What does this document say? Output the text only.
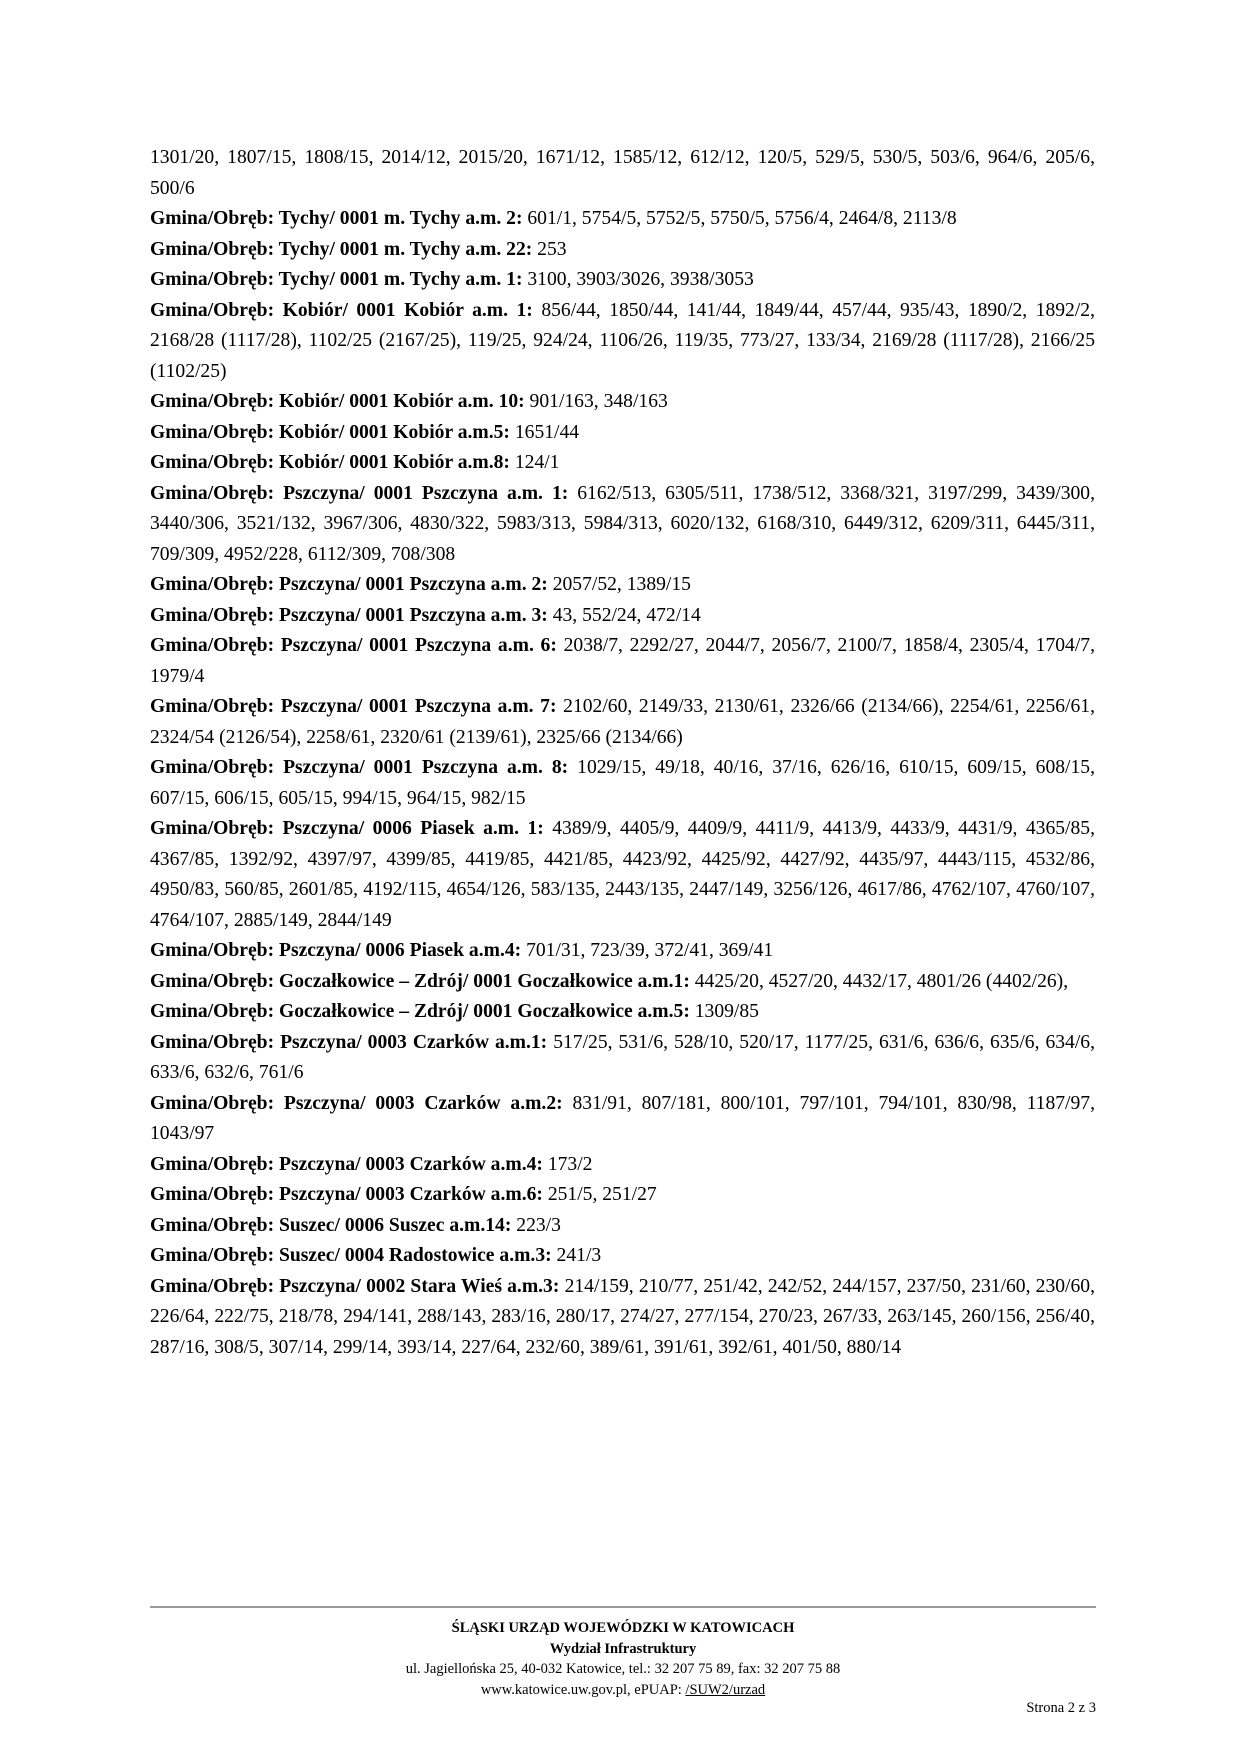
1301/20, 1807/15, 1808/15, 2014/12, 2015/20, 1671/12, 1585/12, 612/12, 120/5, 529/5, 530/5, 503/6, 964/6, 205/6, 500/6

Gmina/Obręb: Tychy/ 0001 m. Tychy a.m. 2: 601/1, 5754/5, 5752/5, 5750/5, 5756/4, 2464/8, 2113/8

Gmina/Obręb: Tychy/ 0001 m. Tychy a.m. 22: 253

Gmina/Obręb: Tychy/ 0001 m. Tychy a.m. 1: 3100, 3903/3026, 3938/3053

Gmina/Obręb: Kobiór/ 0001 Kobiór a.m. 1: 856/44, 1850/44, 141/44, 1849/44, 457/44, 935/43, 1890/2, 1892/2, 2168/28 (1117/28), 1102/25 (2167/25), 119/25, 924/24, 1106/26, 119/35, 773/27, 133/34, 2169/28 (1117/28), 2166/25 (1102/25)

Gmina/Obręb: Kobiór/ 0001 Kobiór a.m. 10: 901/163, 348/163

Gmina/Obręb: Kobiór/ 0001 Kobiór a.m.5: 1651/44

Gmina/Obręb: Kobiór/ 0001 Kobiór a.m.8: 124/1

Gmina/Obręb: Pszczyna/ 0001 Pszczyna a.m. 1: 6162/513, 6305/511, 1738/512, 3368/321, 3197/299, 3439/300, 3440/306, 3521/132, 3967/306, 4830/322, 5983/313, 5984/313, 6020/132, 6168/310, 6449/312, 6209/311, 6445/311, 709/309, 4952/228, 6112/309, 708/308

Gmina/Obręb: Pszczyna/ 0001 Pszczyna a.m. 2: 2057/52, 1389/15

Gmina/Obręb: Pszczyna/ 0001 Pszczyna a.m. 3: 43, 552/24, 472/14

Gmina/Obręb: Pszczyna/ 0001 Pszczyna a.m. 6: 2038/7, 2292/27, 2044/7, 2056/7, 2100/7, 1858/4, 2305/4, 1704/7, 1979/4

Gmina/Obręb: Pszczyna/ 0001 Pszczyna a.m. 7: 2102/60, 2149/33, 2130/61, 2326/66 (2134/66), 2254/61, 2256/61, 2324/54 (2126/54), 2258/61, 2320/61 (2139/61), 2325/66 (2134/66)

Gmina/Obręb: Pszczyna/ 0001 Pszczyna a.m. 8: 1029/15, 49/18, 40/16, 37/16, 626/16, 610/15, 609/15, 608/15, 607/15, 606/15, 605/15, 994/15, 964/15, 982/15

Gmina/Obręb: Pszczyna/ 0006 Piasek a.m. 1: 4389/9, 4405/9, 4409/9, 4411/9, 4413/9, 4433/9, 4431/9, 4365/85, 4367/85, 1392/92, 4397/97, 4399/85, 4419/85, 4421/85, 4423/92, 4425/92, 4427/92, 4435/97, 4443/115, 4532/86, 4950/83, 560/85, 2601/85, 4192/115, 4654/126, 583/135, 2443/135, 2447/149, 3256/126, 4617/86, 4762/107, 4760/107, 4764/107, 2885/149, 2844/149

Gmina/Obręb: Pszczyna/ 0006 Piasek a.m.4: 701/31, 723/39, 372/41, 369/41

Gmina/Obręb: Goczałkowice – Zdrój/ 0001 Goczałkowice a.m.1: 4425/20, 4527/20, 4432/17, 4801/26 (4402/26),

Gmina/Obręb: Goczałkowice – Zdrój/ 0001 Goczałkowice a.m.5: 1309/85

Gmina/Obręb: Pszczyna/ 0003 Czarków a.m.1: 517/25, 531/6, 528/10, 520/17, 1177/25, 631/6, 636/6, 635/6, 634/6, 633/6, 632/6, 761/6

Gmina/Obręb: Pszczyna/ 0003 Czarków a.m.2: 831/91, 807/181, 800/101, 797/101, 794/101, 830/98, 1187/97, 1043/97

Gmina/Obręb: Pszczyna/ 0003 Czarków a.m.4: 173/2

Gmina/Obręb: Pszczyna/ 0003 Czarków a.m.6: 251/5, 251/27

Gmina/Obręb: Suszec/ 0006 Suszec a.m.14: 223/3

Gmina/Obręb: Suszec/ 0004 Radostowice a.m.3: 241/3

Gmina/Obręb: Pszczyna/ 0002 Stara Wieś a.m.3: 214/159, 210/77, 251/42, 242/52, 244/157, 237/50, 231/60, 230/60, 226/64, 222/75, 218/78, 294/141, 288/143, 283/16, 280/17, 274/27, 277/154, 270/23, 267/33, 263/145, 260/156, 256/40, 287/16, 308/5, 307/14, 299/14, 393/14, 227/64, 232/60, 389/61, 391/61, 392/61, 401/50, 880/14

ŚLĄSKI URZĄD WOJEWÓDZKI W KATOWICACH
Wydział Infrastruktury
ul. Jagiellońska 25, 40-032 Katowice, tel.: 32 207 75 89, fax: 32 207 75 88
www.katowice.uw.gov.pl, ePUAP: /SUW2/urzad
Strona 2 z 3
